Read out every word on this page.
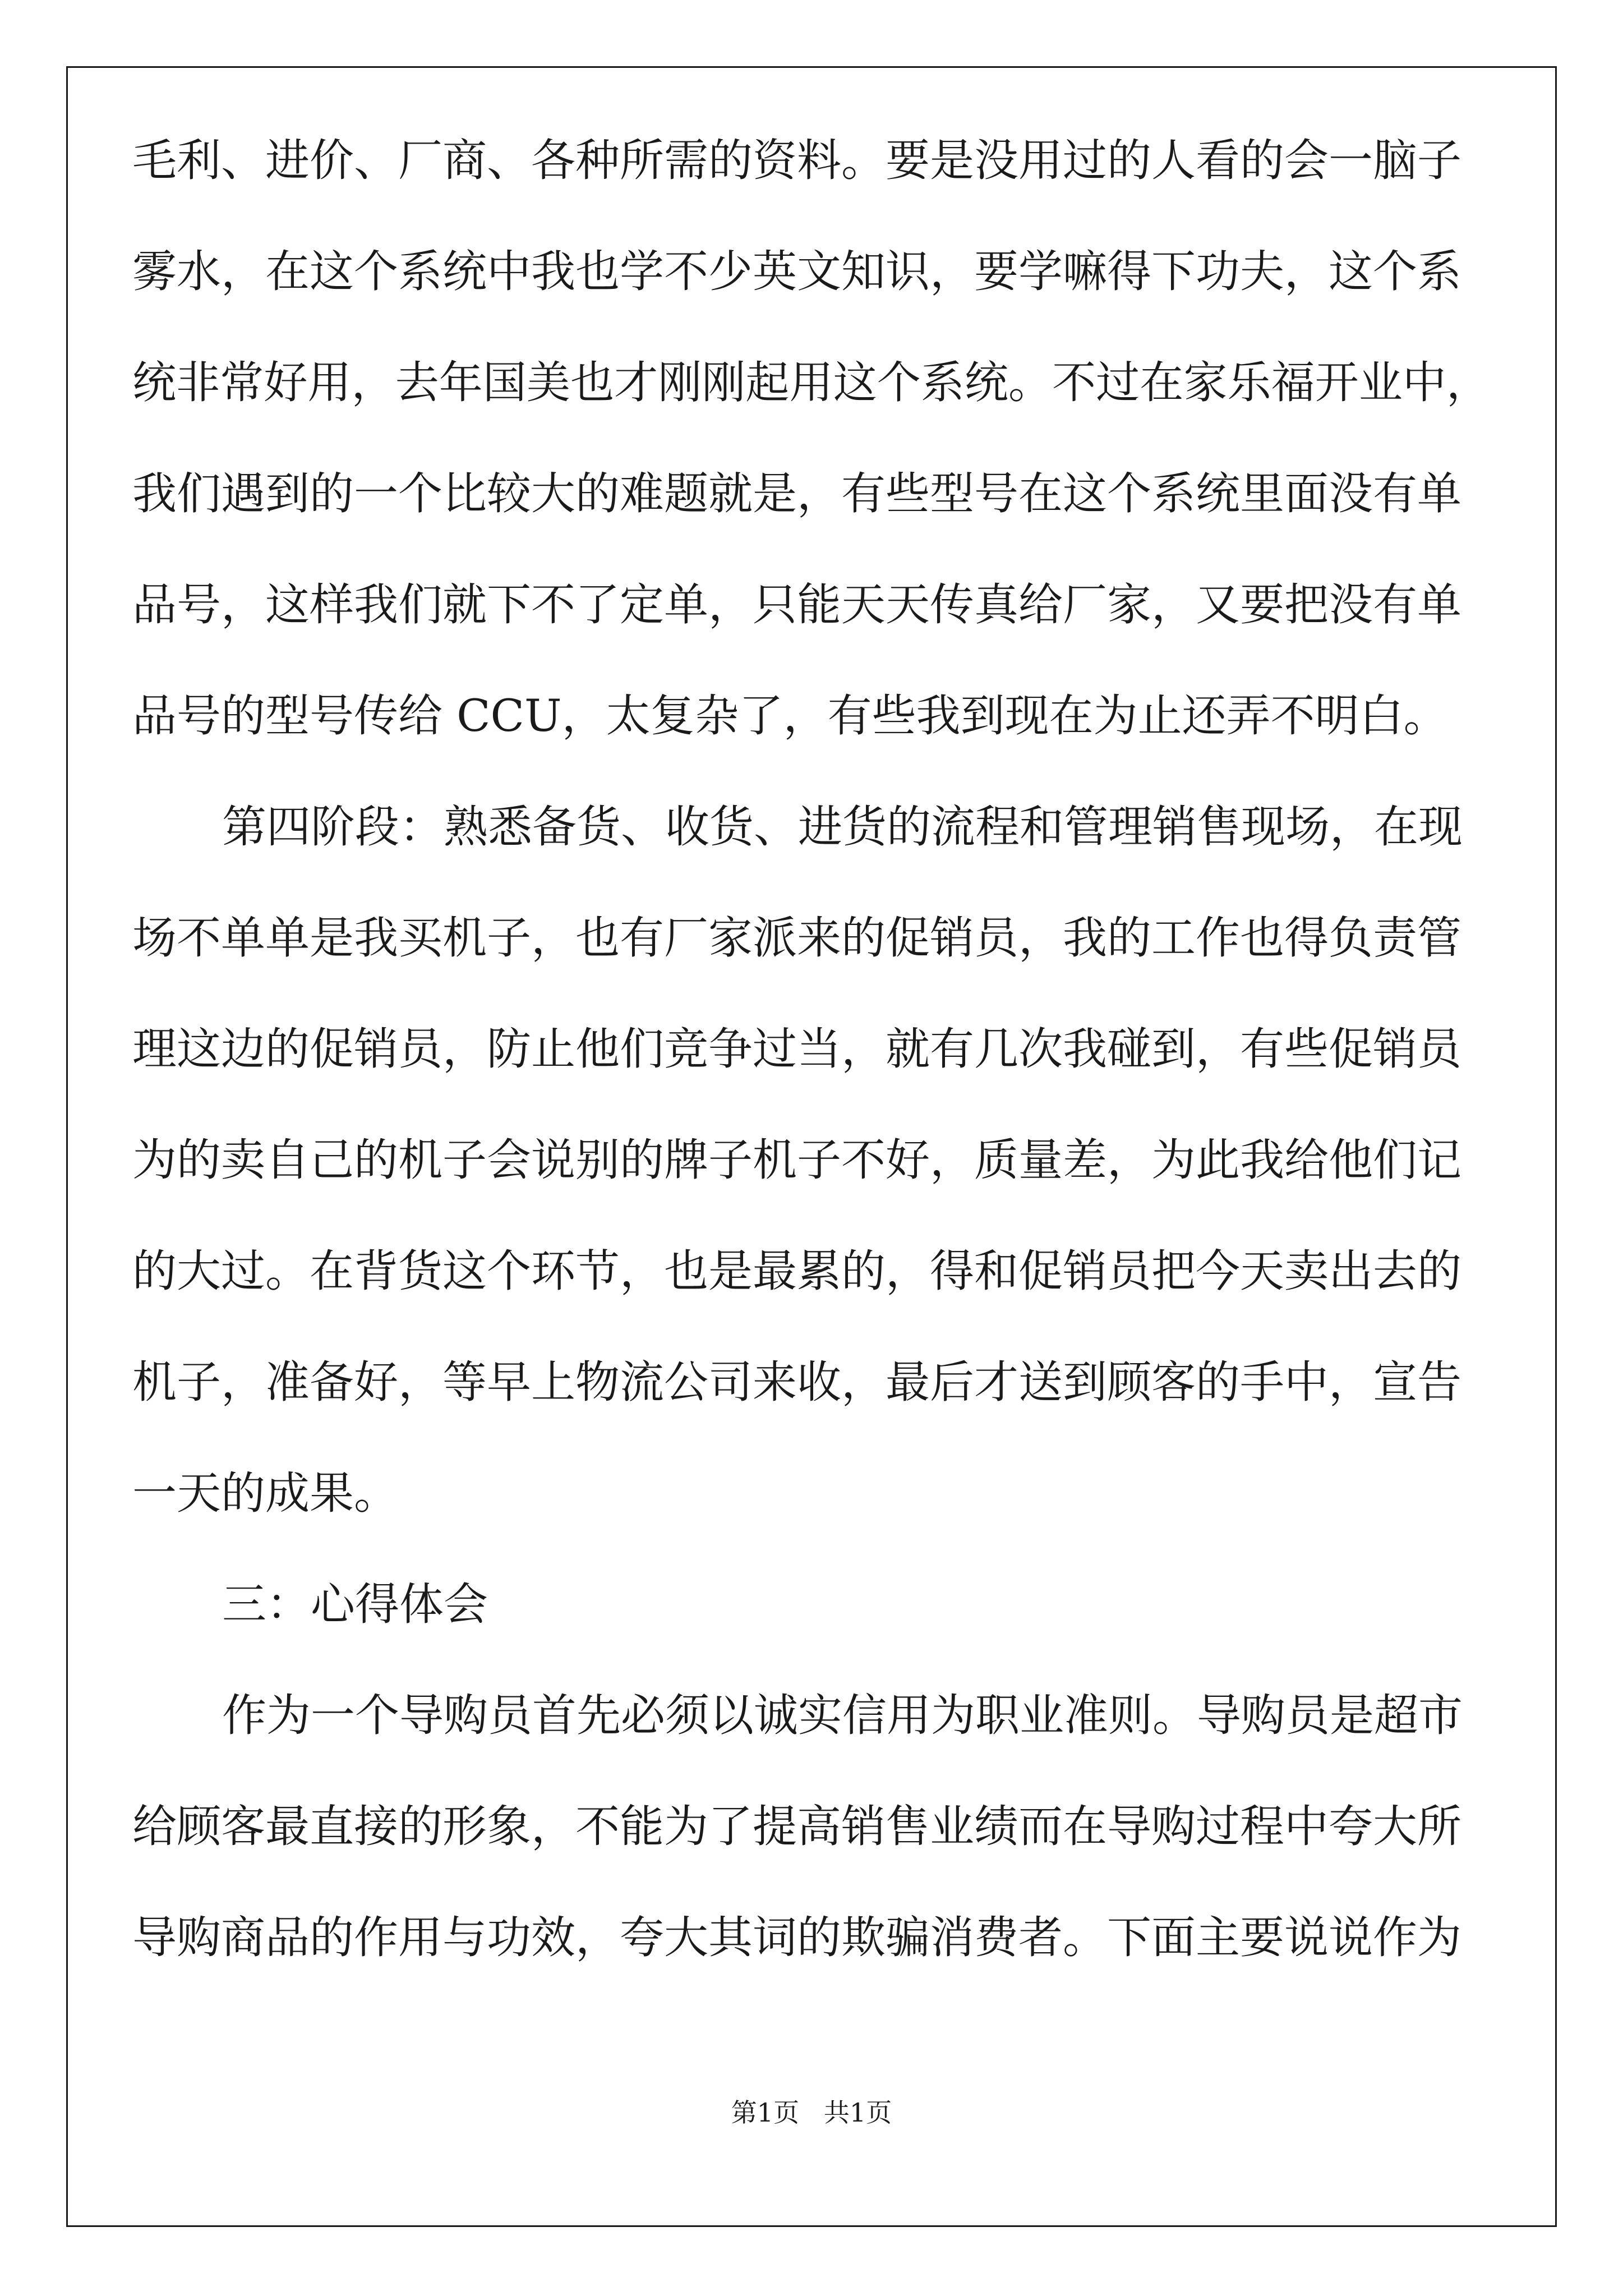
毛利、进价、厂商、各种所需的资料。要是没用过的人看的会一脑子
雾水，在这个系统中我也学不少英文知识，要学嘛得下功夫，这个系
统非常好用，去年国美也才刚刚起用这个系统。不过在家乐福开业中，
我们遇到的一个比较大的难题就是，有些型号在这个系统里面没有单
品号，这样我们就下不了定单，只能天天传真给厂家，又要把没有单
品号的型号传给 CCU，太复杂了，有些我到现在为止还弄不明白。
第四阶段：熟悉备货、收货、进货的流程和管理销售现场，在现
场不单单是我买机子，也有厂家派来的促销员，我的工作也得负责管
理这边的促销员，防止他们竞争过当，就有几次我碰到，有些促销员
为的卖自己的机子会说别的牌子机子不好，质量差，为此我给他们记
的大过。在背货这个环节，也是最累的，得和促销员把今天卖出去的
机子，准备好，等早上物流公司来收，最后才送到顾客的手中，宣告
一天的成果。
三：心得体会
作为一个导购员首先必须以诚实信用为职业准则。导购员是超市
给顾客最直接的形象，不能为了提高销售业绩而在导购过程中夸大所
导购商品的作用与功效，夸大其词的欺骗消费者。下面主要说说作为
第1页   共1页
